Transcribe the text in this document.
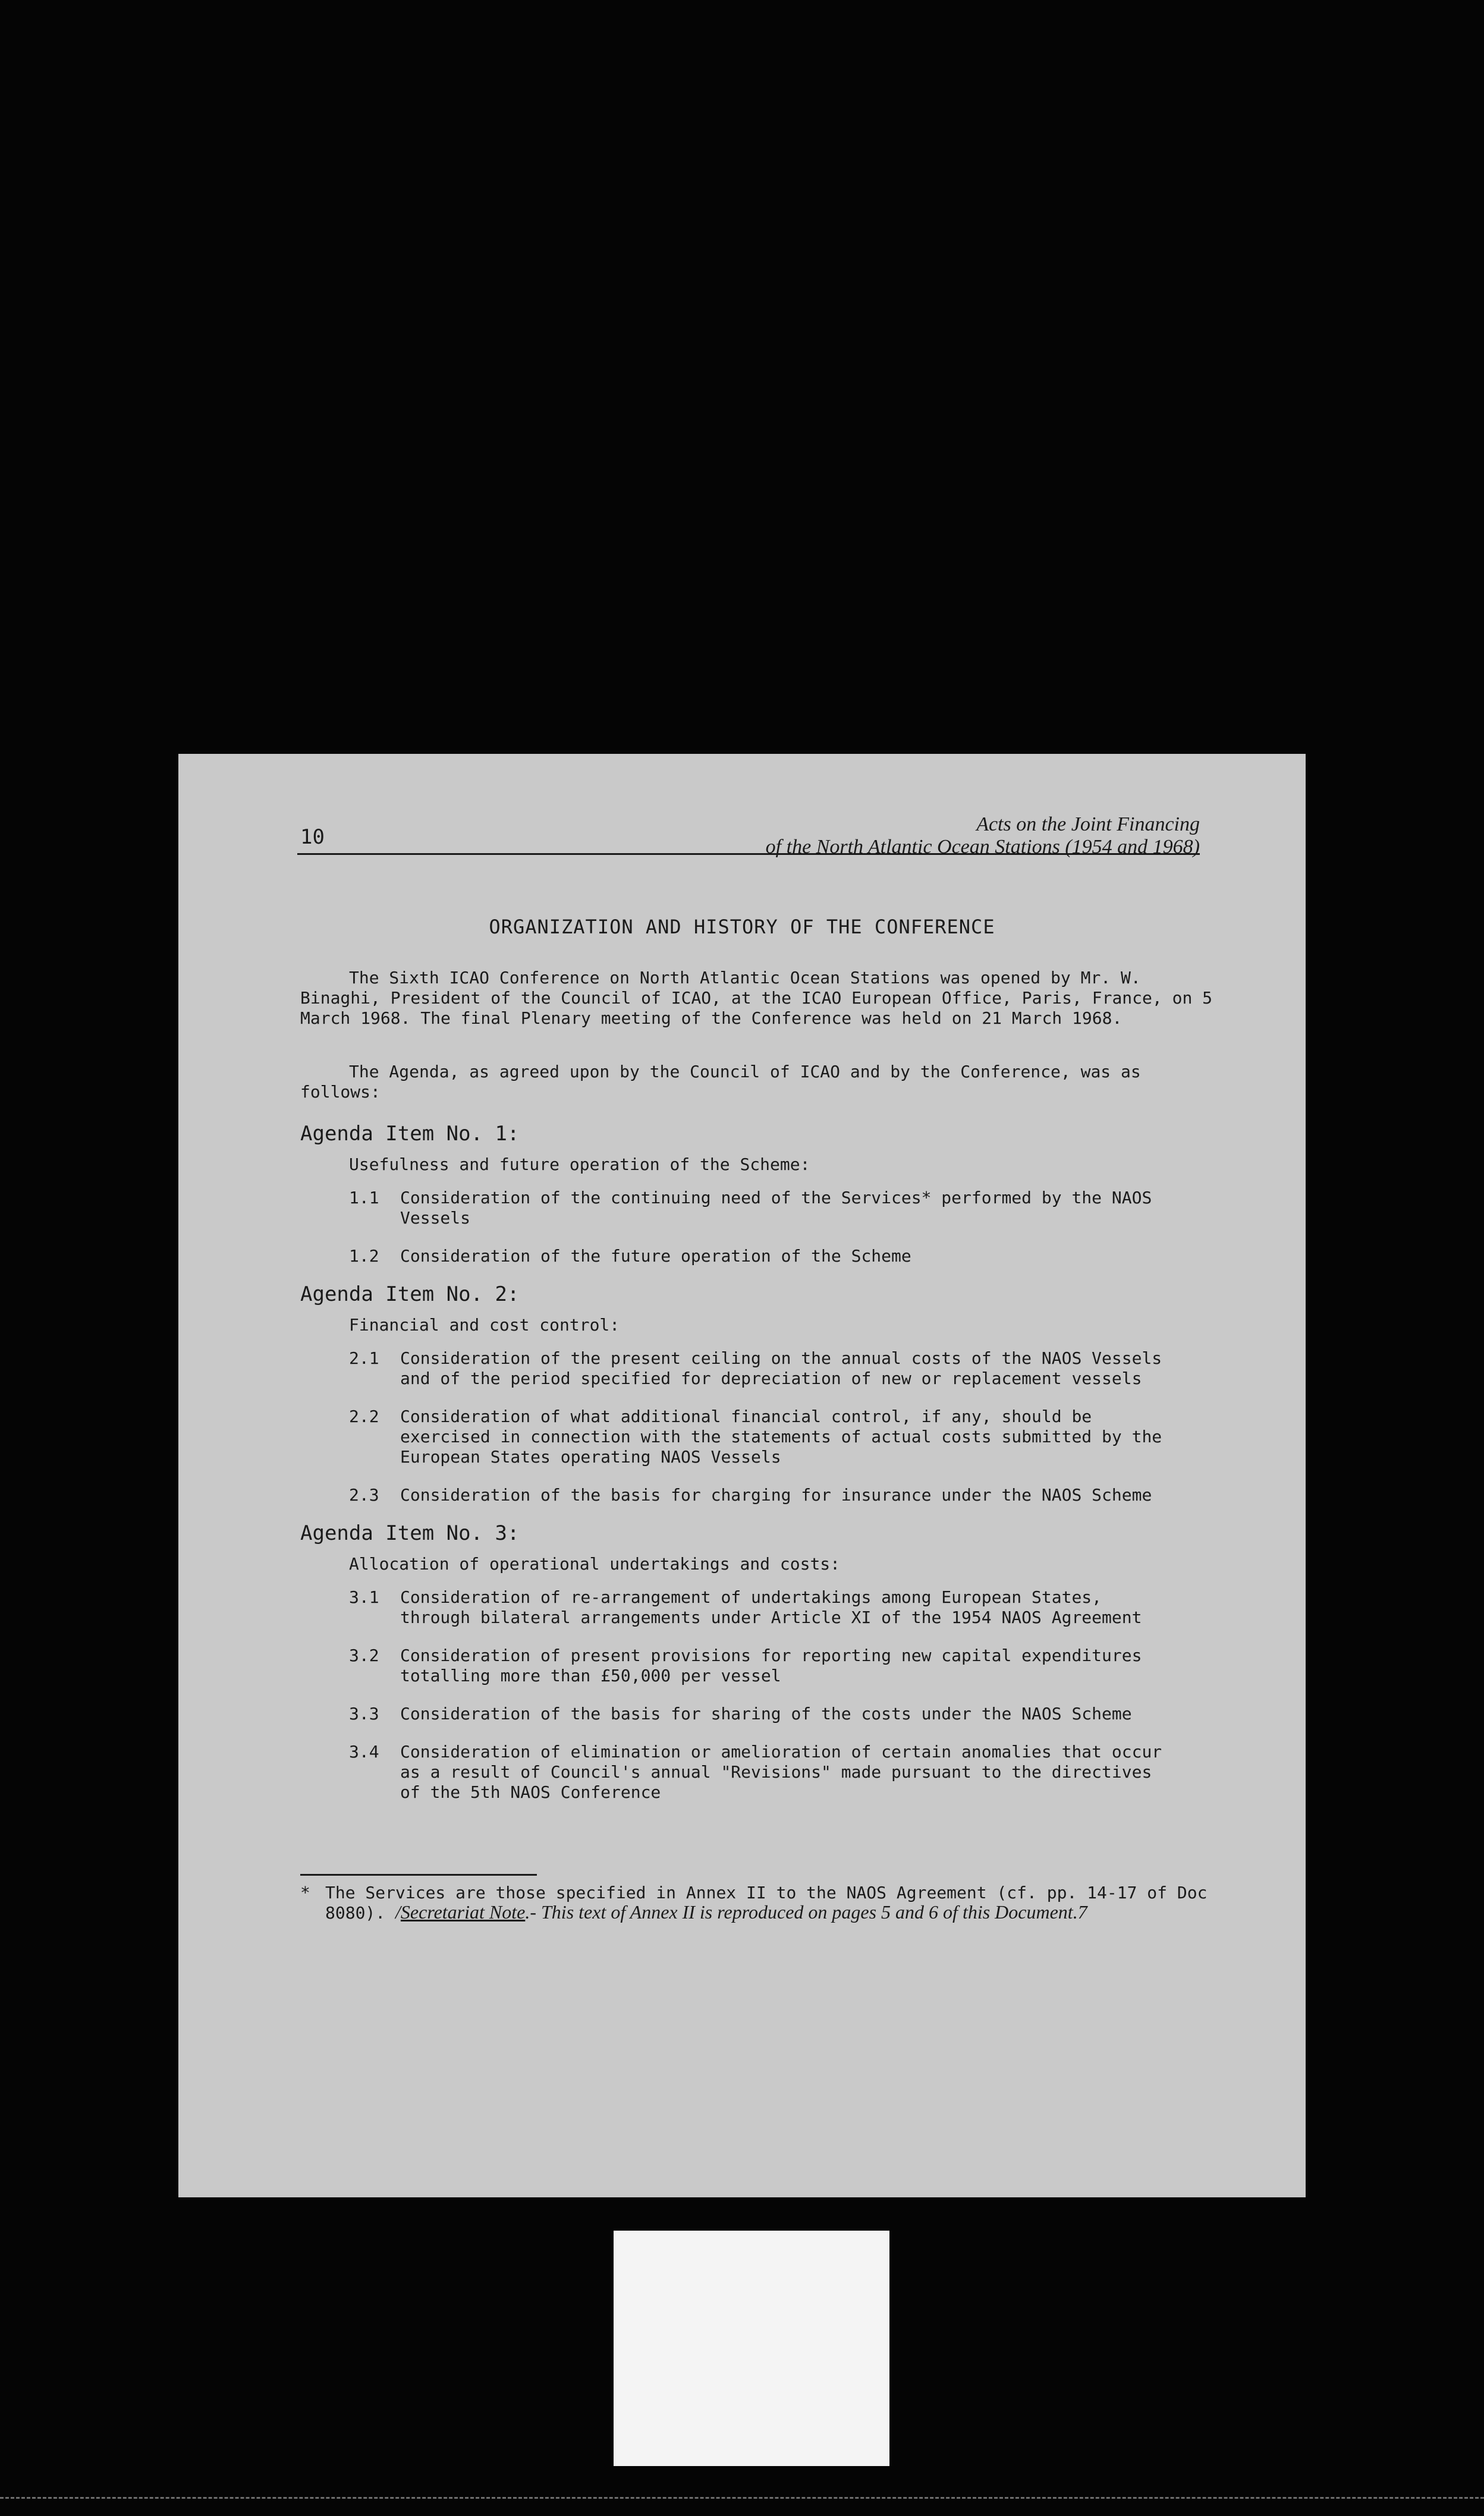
10
Acts on the Joint Financing
of the North Atlantic Ocean Stations (1954 and 1968)
ORGANIZATION AND HISTORY OF THE CONFERENCE

The Sixth ICAO Conference on North Atlantic Ocean Stations was opened by Mr. W. Binaghi, President of the Council of ICAO, at the ICAO European Office, Paris, France, on 5 March 1968. The final Plenary meeting of the Conference was held on 21 March 1968.

The Agenda, as agreed upon by the Council of ICAO and by the Conference, was as follows:

Agenda Item No. 1:
Usefulness and future operation of the Scheme:
1.1	Consideration of the continuing need of the Services* performed by the NAOS Vessels
1.2	Consideration of the future operation of the Scheme
Agenda Item No. 2:
Financial and cost control:
2.1	Consideration of the present ceiling on the annual costs of the NAOS Vessels and of the period specified for depreciation of new or replacement vessels
2.2	Consideration of what additional financial control, if any, should be exercised in connection with the statements of actual costs submitted by the European States operating NAOS Vessels
2.3	Consideration of the basis for charging for insurance under the NAOS Scheme
Agenda Item No. 3:
Allocation of operational undertakings and costs:
3.1	Consideration of re-arrangement of undertakings among European States, through bilateral arrangements under Article XI of the 1954 NAOS Agreement
3.2	Consideration of present provisions for reporting new capital expenditures totalling more than £50,000 per vessel
3.3	Consideration of the basis for sharing of the costs under the NAOS Scheme
3.4	Consideration of elimination or amelioration of certain anomalies that occur as a result of Council's annual "Revisions" made pursuant to the directives of the 5th NAOS Conference
* The Services are those specified in Annex II to the NAOS Agreement (cf. pp. 14-17 of Doc 8080). /Secretariat Note.- This text of Annex II is reproduced on pages 5 and 6 of this Document.7
